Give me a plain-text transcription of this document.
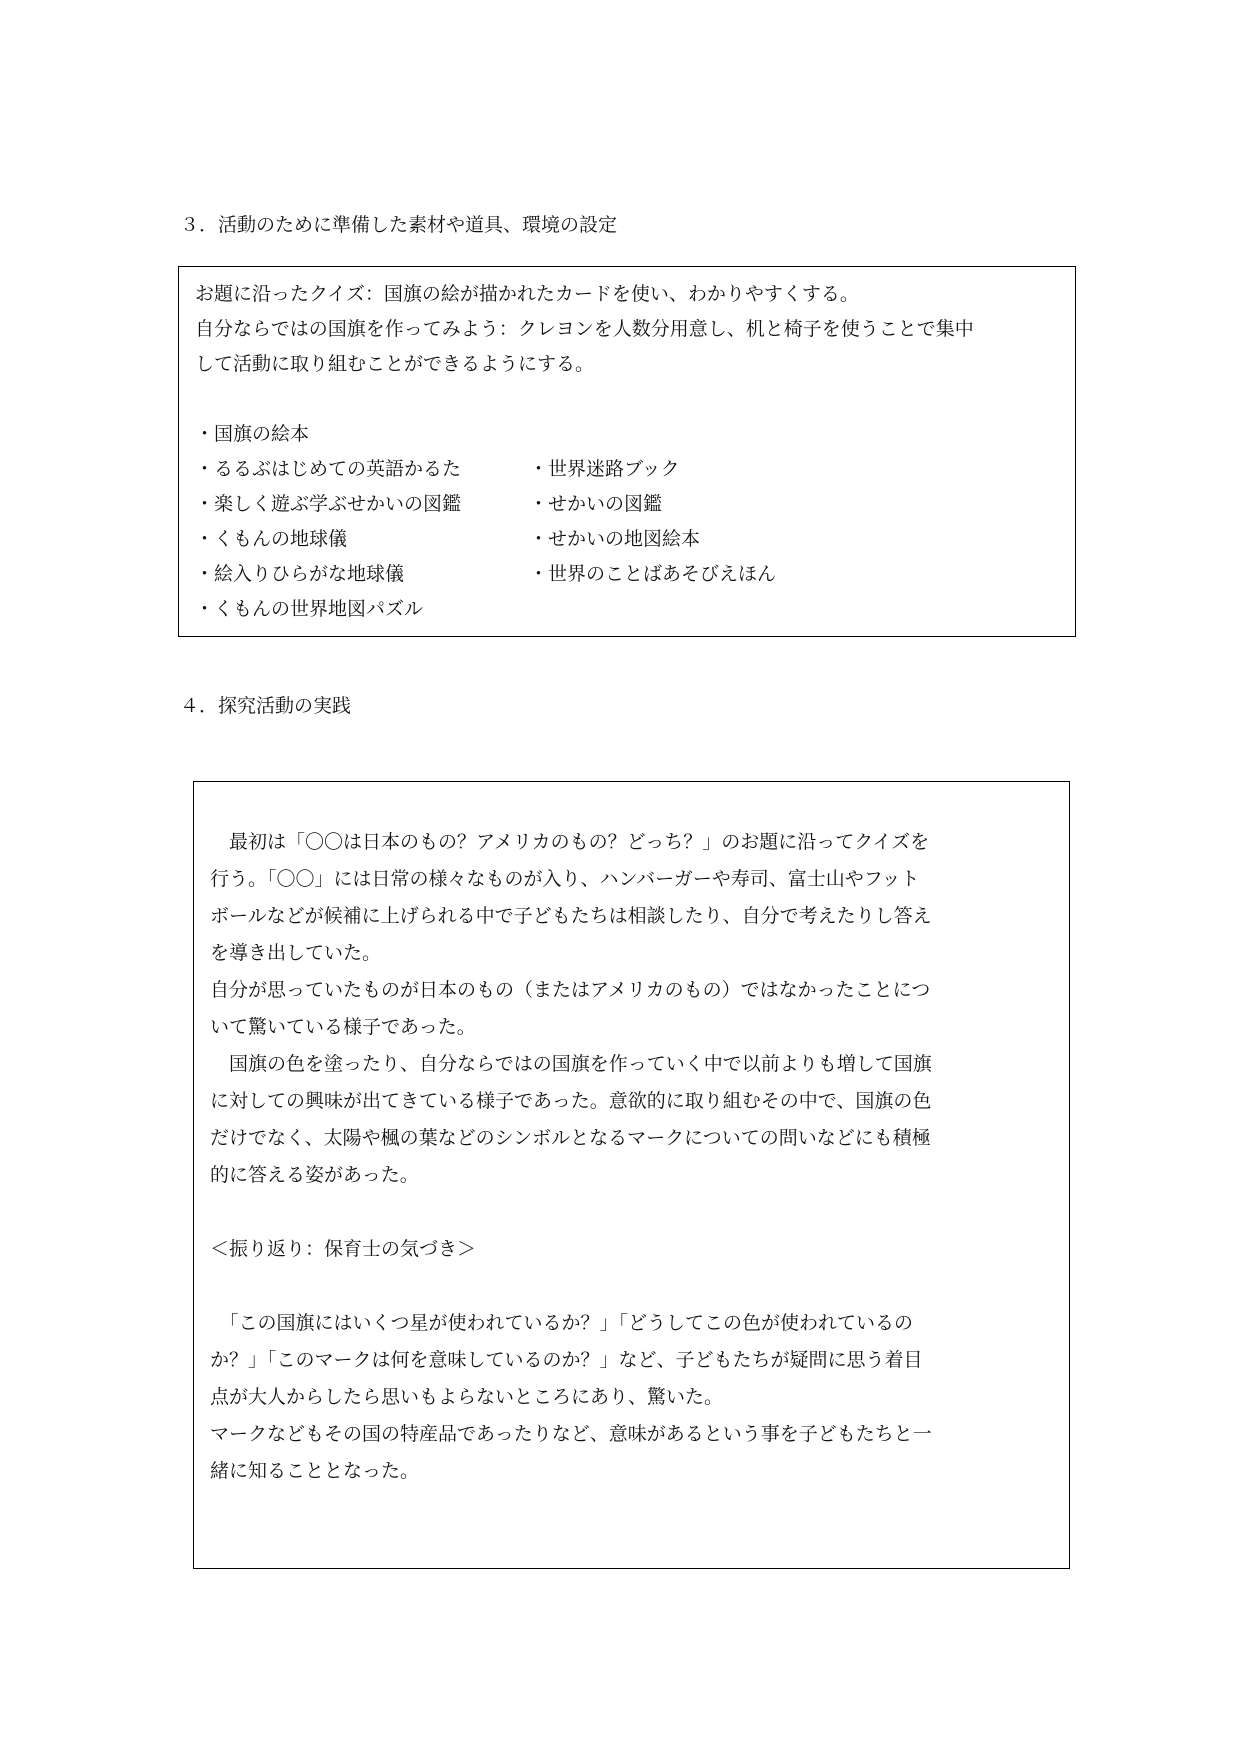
３．活動のために準備した素材や道具、環境の設定

お題に沿ったクイズ：国旗の絵が描かれたカードを使い、わかりやすくする。

自分ならではの国旗を作ってみよう：クレヨンを人数分用意し、机と椅子を使うことで集中

して活動に取り組むことができるようにする。

・国旗の絵本
・るるぶはじめての英語かるた	・世界迷路ブック
・楽しく遊ぶ学ぶせかいの図鑑	・せかいの図鑑
・くもんの地球儀	・せかいの地図絵本
・絵入りひらがな地球儀	・世界のことばあそびえほん
・くもんの世界地図パズル
４．探究活動の実践

　最初は「〇〇は日本のもの？アメリカのもの？どっち？」のお題に沿ってクイズを

行う。「〇〇」には日常の様々なものが入り、ハンバーガーや寿司、富士山やフット

ボールなどが候補に上げられる中で子どもたちは相談したり、自分で考えたりし答え

を導き出していた。

自分が思っていたものが日本のもの（またはアメリカのもの）ではなかったことにつ

いて驚いている様子であった。

　国旗の色を塗ったり、自分ならではの国旗を作っていく中で以前よりも増して国旗

に対しての興味が出てきている様子であった。意欲的に取り組むその中で、国旗の色

だけでなく、太陽や楓の葉などのシンボルとなるマークについての問いなどにも積極

的に答える姿があった。

＜振り返り：保育士の気づき＞

　「この国旗にはいくつ星が使われているか？」「どうしてこの色が使われているの

か？」「このマークは何を意味しているのか？」など、子どもたちが疑問に思う着目

点が大人からしたら思いもよらないところにあり、驚いた。

マークなどもその国の特産品であったりなど、意味があるという事を子どもたちと一

緒に知ることとなった。
